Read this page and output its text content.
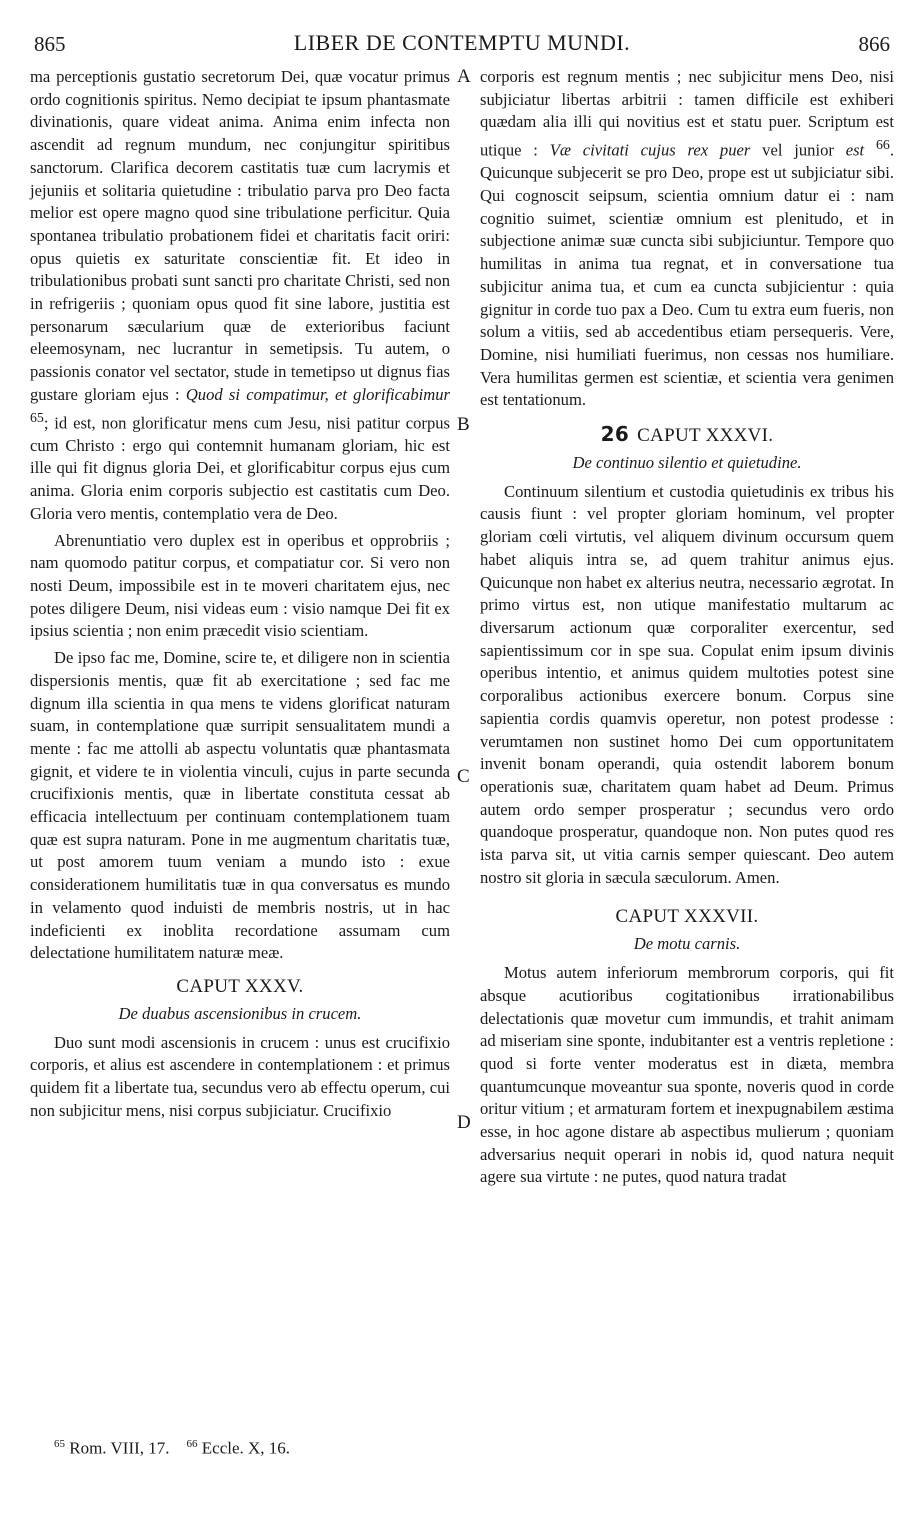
865	LIBER DE CONTEMPTU MUNDI.	866

ma perceptionis gustatio secretorum Dei, quæ vocatur primus ordo cognitionis spiritus. Nemo decipiat te ipsum phantasmate divinationis, quare videat anima. Anima enim infecta non ascendit ad regnum mundum, nec conjungitur spiritibus sanctorum. Clarifica decorem castitatis tuæ cum lacrymis et jejuniis et solitaria quietudine : tribulatio parva pro Deo facta melior est opere magno quod sine tribulatione perficitur. Quia spontanea tribulatio probationem fidei et charitatis facit oriri: opus quietis ex saturitate conscientiæ fit. Et ideo in tribulationibus probati sunt sancti pro charitate Christi, sed non in refrigeriis ; quoniam opus quod fit sine labore, justitia est personarum sæcularium quæ de exterioribus faciunt eleemosynam, nec lucrantur in semetipsis. Tu autem, o passionis conator vel sectator, stude in temetipso ut dignus fias gustare gloriam ejus : Quod si compatimur, et glorificabimur $^{65}$; id est, non glorificatur mens cum Jesu, nisi patitur corpus cum Christo : ergo qui contemnit humanam gloriam, hic est ille qui fit dignus gloria Dei, et glorificabitur corpus ejus cum anima. Gloria enim corporis subjectio est castitatis cum Deo. Gloria vero mentis, contemplatio vera de Deo.

Abrenuntiatio vero duplex est in operibus et opprobriis ; nam quomodo patitur corpus, et compatiatur cor. Si vero non nosti Deum, impossibile est in te moveri charitatem ejus, nec potes diligere Deum, nisi videas eum : visio namque Dei fit ex ipsius scientia ; non enim præcedit visio scientiam.

De ipso fac me, Domine, scire te, et diligere non in scientia dispersionis mentis, quæ fit ab exercitatione ; sed fac me dignum illa scientia in qua mens te videns glorificat naturam suam, in contemplatione quæ surripit sensualitatem mundi a mente : fac me attolli ab aspectu voluntatis quæ phantasmata gignit, et videre te in violentia vinculi, cujus in parte secunda crucifixionis mentis, quæ in libertate constituta cessat ab efficacia intellectuum per continuam contemplationem tuam quæ est supra naturam. Pone in me augmentum charitatis tuæ, ut post amorem tuum veniam a mundo isto : exue considerationem humilitatis tuæ in qua conversatus es mundo in velamento quod induisti de membris nostris, ut in hac indeficienti ex inoblita recordatione assumam cum delectatione humilitatem naturæ meæ.

CAPUT XXXV.
De duabus ascensionibus in crucem.

Duo sunt modi ascensionis in crucem : unus est crucifixio corporis, et alius est ascendere in contemplationem : et primus quidem fit a libertate tua, secundus vero ab effectu operum, cui non subjicitur mens, nisi corpus subjiciatur. Crucifixio

corporis est regnum mentis ; nec subjicitur mens Deo, nisi subjiciatur libertas arbitrii : tamen difficile est exhiberi quædam alia illi qui novitius est et statu puer. Scriptum est utique : Væ civitati cujus rex puer vel junior est $^{66}$. Quicunque subjecerit se pro Deo, prope est ut subjiciatur sibi. Qui cognoscit seipsum, scientia omnium datur ei : nam cognitio suimet, scientiæ omnium est plenitudo, et in subjectione animæ suæ cuncta sibi subjiciuntur. Tempore quo humilitas in anima tua regnat, et in conversatione tua subjicitur anima tua, et cum ea cuncta subjicientur : quia gignitur in corde tuo pax a Deo. Cum tu extra eum fueris, non solum a vitiis, sed ab accedentibus etiam persequeris. Vere, Domine, nisi humiliati fuerimus, non cessas nos humiliare. Vera humilitas germen est scientiæ, et scientia vera genimen est tentationum.

26 CAPUT XXXVI.
De continuo silentio et quietudine.

Continuum silentium et custodia quietudinis ex tribus his causis fiunt : vel propter gloriam hominum, vel propter gloriam cœli virtutis, vel aliquem divinum occursum quem habet aliquis intra se, ad quem trahitur animus ejus. Quicunque non habet ex alterius neutra, necessario ægrotat. In primo virtus est, non utique manifestatio multarum ac diversarum actionum quæ corporaliter exercentur, sed sapientissimum cor in spe sua. Copulat enim ipsum divinis operibus intentio, et animus quidem multoties potest sine corporalibus actionibus exercere bonum. Corpus sine sapientia cordis quamvis operetur, non potest prodesse : verumtamen non sustinet homo Dei cum opportunitatem invenit bonam operandi, quia ostendit laborem bonum operationis suæ, charitatem quam habet ad Deum. Primus autem ordo semper prosperatur ; secundus vero ordo quandoque prosperatur, quandoque non. Non putes quod res ista parva sit, ut vitia carnis semper quiescant. Deo autem nostro sit gloria in sæcula sæculorum. Amen.

CAPUT XXXVII.
De motu carnis.

Motus autem inferiorum membrorum corporis, qui fit absque acutioribus cogitationibus irrationabilibus delectationis quæ movetur cum immundis, et trahit animam ad miseriam sine sponte, indubitanter est a ventris repletione : quod si forte venter moderatus est in diæta, membra quantumcunque moveantur sua sponte, noveris quod in corde oritur vitium ; et armaturam fortem et inexpugnabilem æstima esse, in hoc agone distare ab aspectibus mulierum ; quoniam adversarius nequit operari in nobis id, quod natura nequit agere sua virtute : ne putes, quod natura tradat

A
B
C
D
$^{65}$ Rom. VIII, 17. $^{66}$ Eccle. X, 16.
